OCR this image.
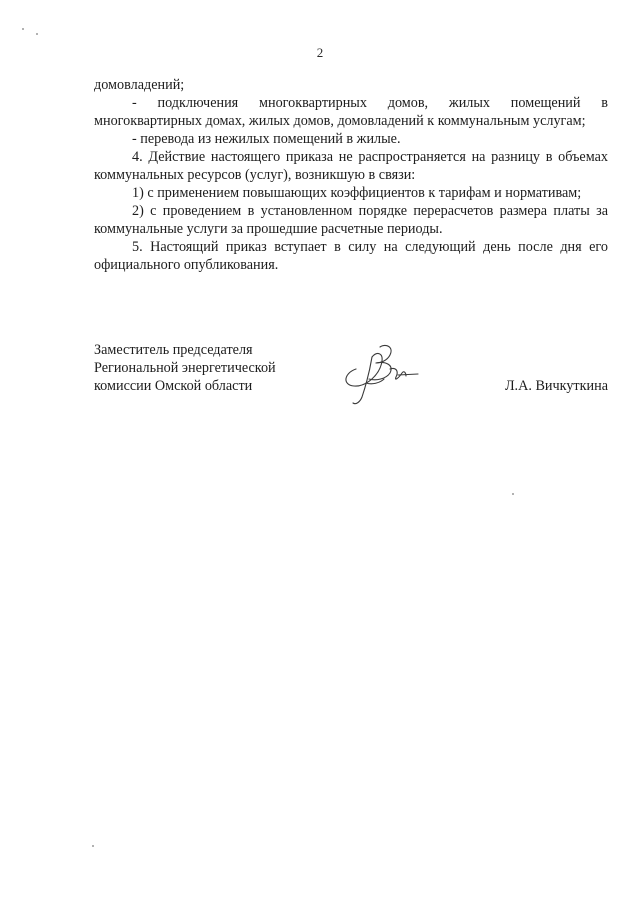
2

домовладений;

- подключения многоквартирных домов, жилых помещений в многоквартирных домах, жилых домов, домовладений к коммунальным услугам;

- перевода из нежилых помещений в жилые.

4. Действие настоящего приказа не распространяется на разницу в объемах коммунальных ресурсов (услуг), возникшую в связи:

1) с применением повышающих коэффициентов к тарифам и нормативам;

2) с проведением в установленном порядке перерасчетов размера платы за коммунальные услуги за прошедшие расчетные периоды.

5. Настоящий приказ вступает в силу на следующий день после дня его официального опубликования.

Заместитель председателя
Региональной энергетической
комиссии Омской области	Л.А. Вичкуткина
